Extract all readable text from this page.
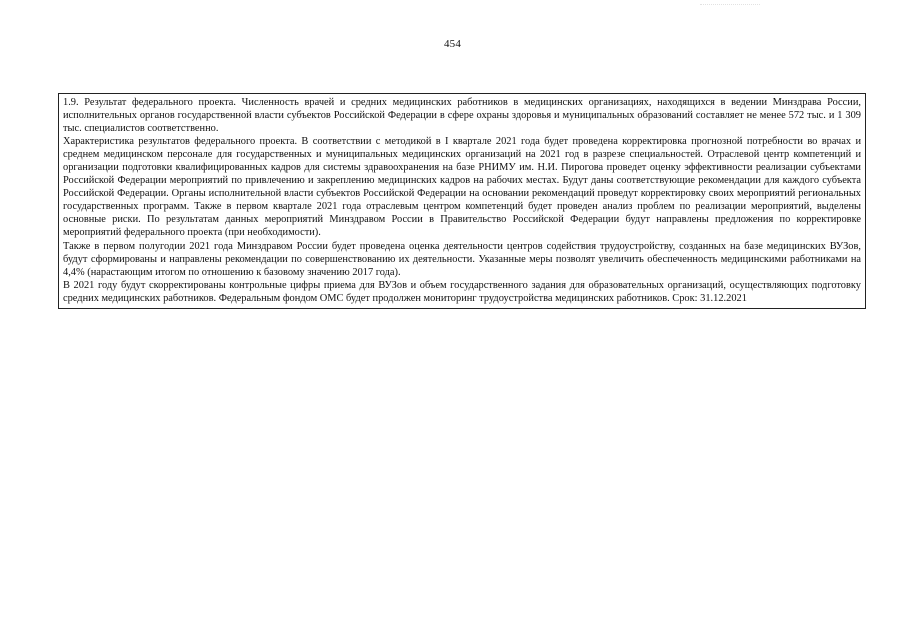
454

1.9. Результат федерального проекта. Численность врачей и средних медицинских работников в медицинских организациях, находящихся в ведении Минздрава России, исполнительных органов государственной власти субъектов Российской Федерации в сфере охраны здоровья и муниципальных образований составляет не менее 572 тыс. и 1 309 тыс. специалистов соответственно.

Характеристика результатов федерального проекта. В соответствии с методикой в I квартале 2021 года будет проведена корректировка прогнозной потребности во врачах и среднем медицинском персонале для государственных и муниципальных медицинских организаций на 2021 год в разрезе специальностей. Отраслевой центр компетенций и организации подготовки квалифицированных кадров для системы здравоохранения на базе РНИМУ им. Н.И. Пирогова проведет оценку эффективности реализации субъектами Российской Федерации мероприятий по привлечению и закреплению медицинских кадров на рабочих местах. Будут даны соответствующие рекомендации для каждого субъекта Российской Федерации. Органы исполнительной власти субъектов Российской Федерации на основании рекомендаций проведут корректировку своих мероприятий региональных государственных программ. Также в первом квартале 2021 года отраслевым центром компетенций будет проведен анализ проблем по реализации мероприятий, выделены основные риски. По результатам данных мероприятий Минздравом России в Правительство Российской Федерации будут направлены предложения по корректировке мероприятий федерального проекта (при необходимости).

Также в первом полугодии 2021 года Минздравом России будет проведена оценка деятельности центров содействия трудоустройству, созданных на базе медицинских ВУЗов, будут сформированы и направлены рекомендации по совершенствованию их деятельности. Указанные меры позволят увеличить обеспеченность медицинскими работниками на 4,4% (нарастающим итогом по отношению к базовому значению 2017 года).

В 2021 году будут скорректированы контрольные цифры приема для ВУЗов и объем государственного задания для образовательных организаций, осуществляющих подготовку средних медицинских работников. Федеральным фондом ОМС будет продолжен мониторинг трудоустройства медицинских работников. Срок: 31.12.2021
